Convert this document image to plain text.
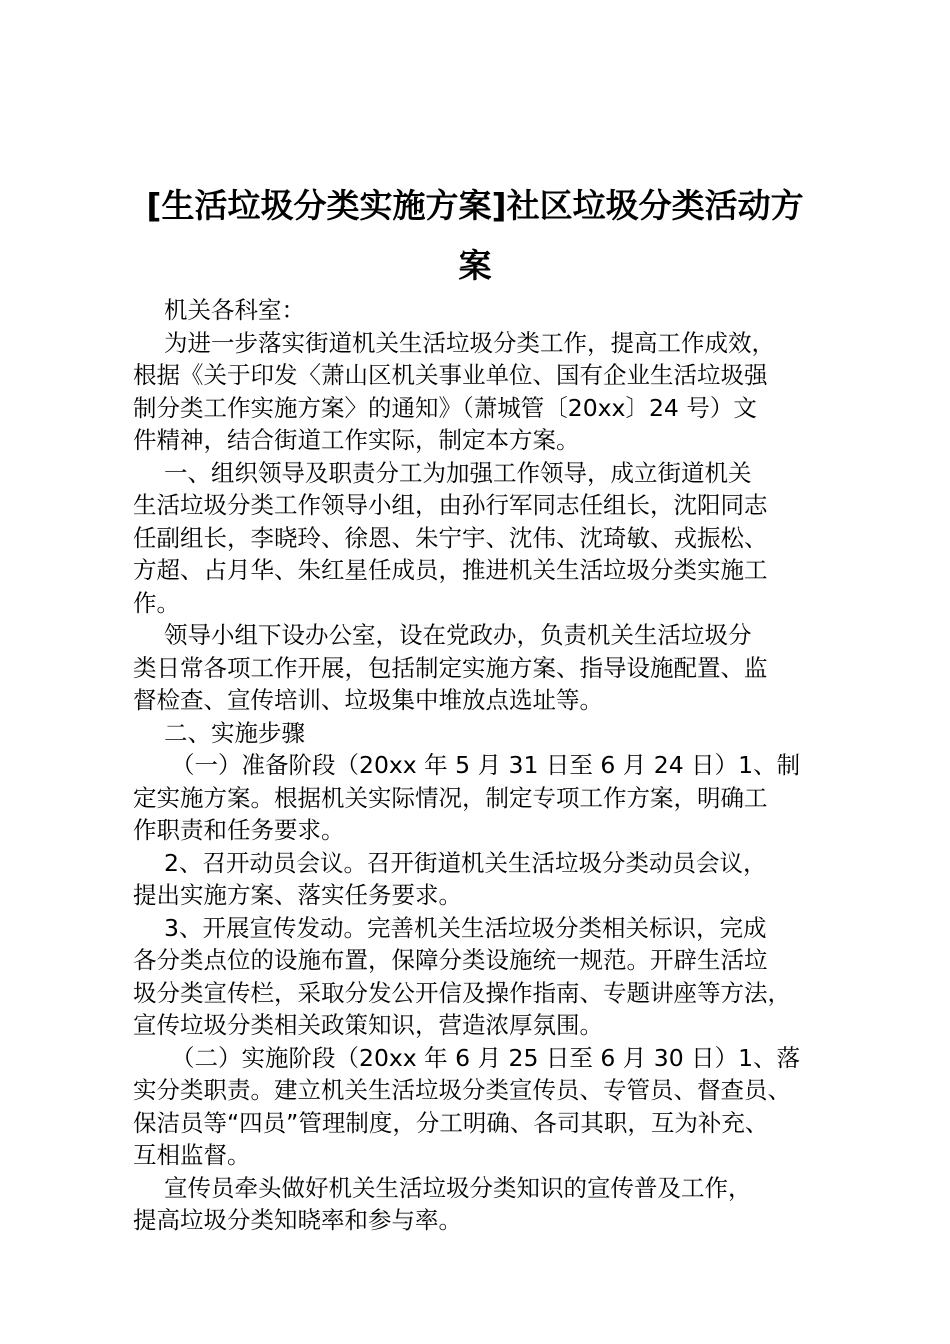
[生活垃圾分类实施方案]社区垃圾分类活动方
案
机关各科室：
为进一步落实街道机关生活垃圾分类工作，提高工作成效，
根据《关于印发〈萧山区机关事业单位、国有企业生活垃圾强
制分类工作实施方案〉的通知》（萧城管〔20xx〕24 号）文
件精神，结合街道工作实际，制定本方案。
一、组织领导及职责分工为加强工作领导，成立街道机关
生活垃圾分类工作领导小组，由孙行军同志任组长，沈阳同志
任副组长，李晓玲、徐恩、朱宁宇、沈伟、沈琦敏、戎振松、
方超、占月华、朱红星任成员，推进机关生活垃圾分类实施工
作。
领导小组下设办公室，设在党政办，负责机关生活垃圾分
类日常各项工作开展，包括制定实施方案、指导设施配置、监
督检查、宣传培训、垃圾集中堆放点选址等。
二、实施步骤
（一）准备阶段（20xx 年 5 月 31 日至 6 月 24 日）1、制
定实施方案。根据机关实际情况，制定专项工作方案，明确工
作职责和任务要求。
2、召开动员会议。召开街道机关生活垃圾分类动员会议，
提出实施方案、落实任务要求。
3、开展宣传发动。完善机关生活垃圾分类相关标识，完成
各分类点位的设施布置，保障分类设施统一规范。开辟生活垃
圾分类宣传栏，采取分发公开信及操作指南、专题讲座等方法，
宣传垃圾分类相关政策知识，营造浓厚氛围。
（二）实施阶段（20xx 年 6 月 25 日至 6 月 30 日）1、落
实分类职责。建立机关生活垃圾分类宣传员、专管员、督查员、
保洁员等“四员”管理制度，分工明确、各司其职，互为补充、
互相监督。
宣传员牵头做好机关生活垃圾分类知识的宣传普及工作，
提高垃圾分类知晓率和参与率。
